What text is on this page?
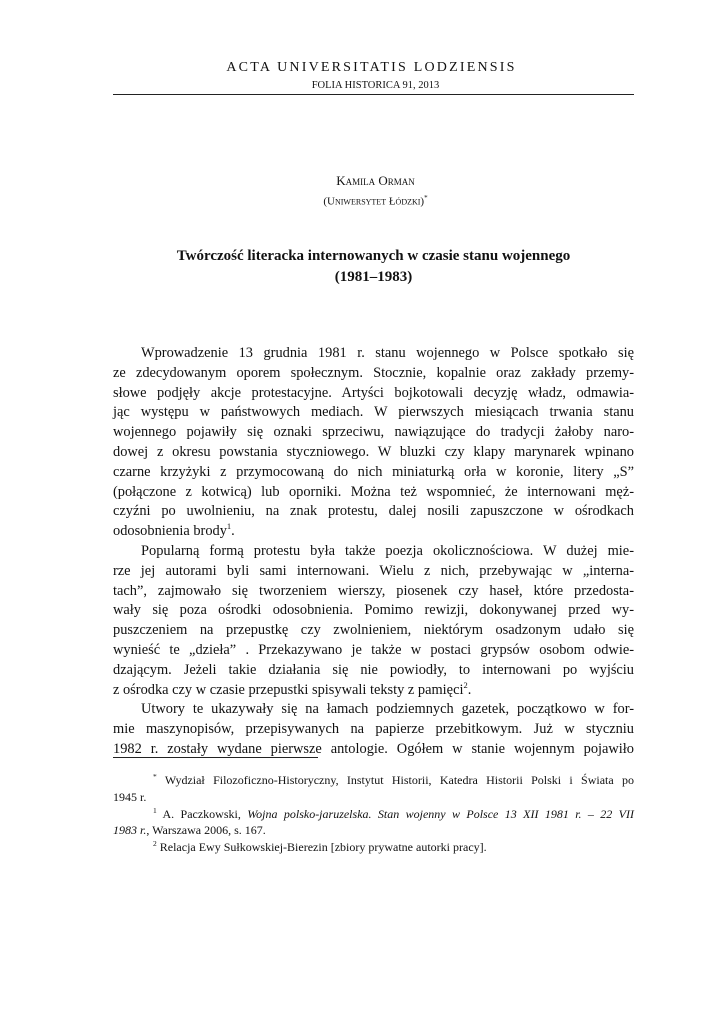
ACTA UNIVERSITATIS LODZIENSIS
FOLIA HISTORICA 91, 2013
Kamila Orman
(Uniwersytet Łódzki)*
Twórczość literacka internowanych w czasie stanu wojennego
(1981–1983)
Wprowadzenie 13 grudnia 1981 r. stanu wojennego w Polsce spotkało się
ze zdecydowanym oporem społecznym. Stocznie, kopalnie oraz zakłady przemy-
słowe podjęły akcje protestacyjne. Artyści bojkotowali decyzję władz, odmawia-
jąc występu w państwowych mediach. W pierwszych miesiącach trwania stanu
wojennego pojawiły się oznaki sprzeciwu, nawiązujące do tradycji żałoby naro-
dowej z okresu powstania styczniowego. W bluzki czy klapy marynarek wpinano
czarne krzyżyki z przymocowaną do nich miniaturką orła w koronie, litery „S”
(połączone z kotwicą) lub oporniki. Można też wspomnieć, że internowani męż-
czyźni po uwolnieniu, na znak protestu, dalej nosili zapuszczone w ośrodkach
odosobnienia brody$^1$.
Popularną formą protestu była także poezja okolicznościowa. W dużej mie-
rze jej autorami byli sami internowani. Wielu z nich, przebywając w „interna-
tach”, zajmowało się tworzeniem wierszy, piosenek czy haseł, które przedosta-
wały się poza ośrodki odosobnienia. Pomimo rewizji, dokonywanej przed wy-
puszczeniem na przepustkę czy zwolnieniem, niektórym osadzonym udało się
wynieść te „dzieła” . Przekazywano je także w postaci grypsów osobom odwie-
dzającym. Jeżeli takie działania się nie powiodły, to internowani po wyjściu
z ośrodka czy w czasie przepustki spisywali teksty z pamięci$^2$.
Utwory te ukazywały się na łamach podziemnych gazetek, początkowo w for-
mie maszynopisów, przepisywanych na papierze przebitkowym. Już w styczniu
1982 r. zostały wydane pierwsze antologie. Ogółem w stanie wojennym pojawiło
* Wydział Filozoficzno-Historyczny, Instytut Historii, Katedra Historii Polski i Świata po
1945 r.
$^1$ A. Paczkowski, Wojna polsko-jaruzelska. Stan wojenny w Polsce 13 XII 1981 r. – 22 VII
1983 r., Warszawa 2006, s. 167.
$^2$ Relacja Ewy Sułkowskiej-Bierezin [zbiory prywatne autorki pracy].
